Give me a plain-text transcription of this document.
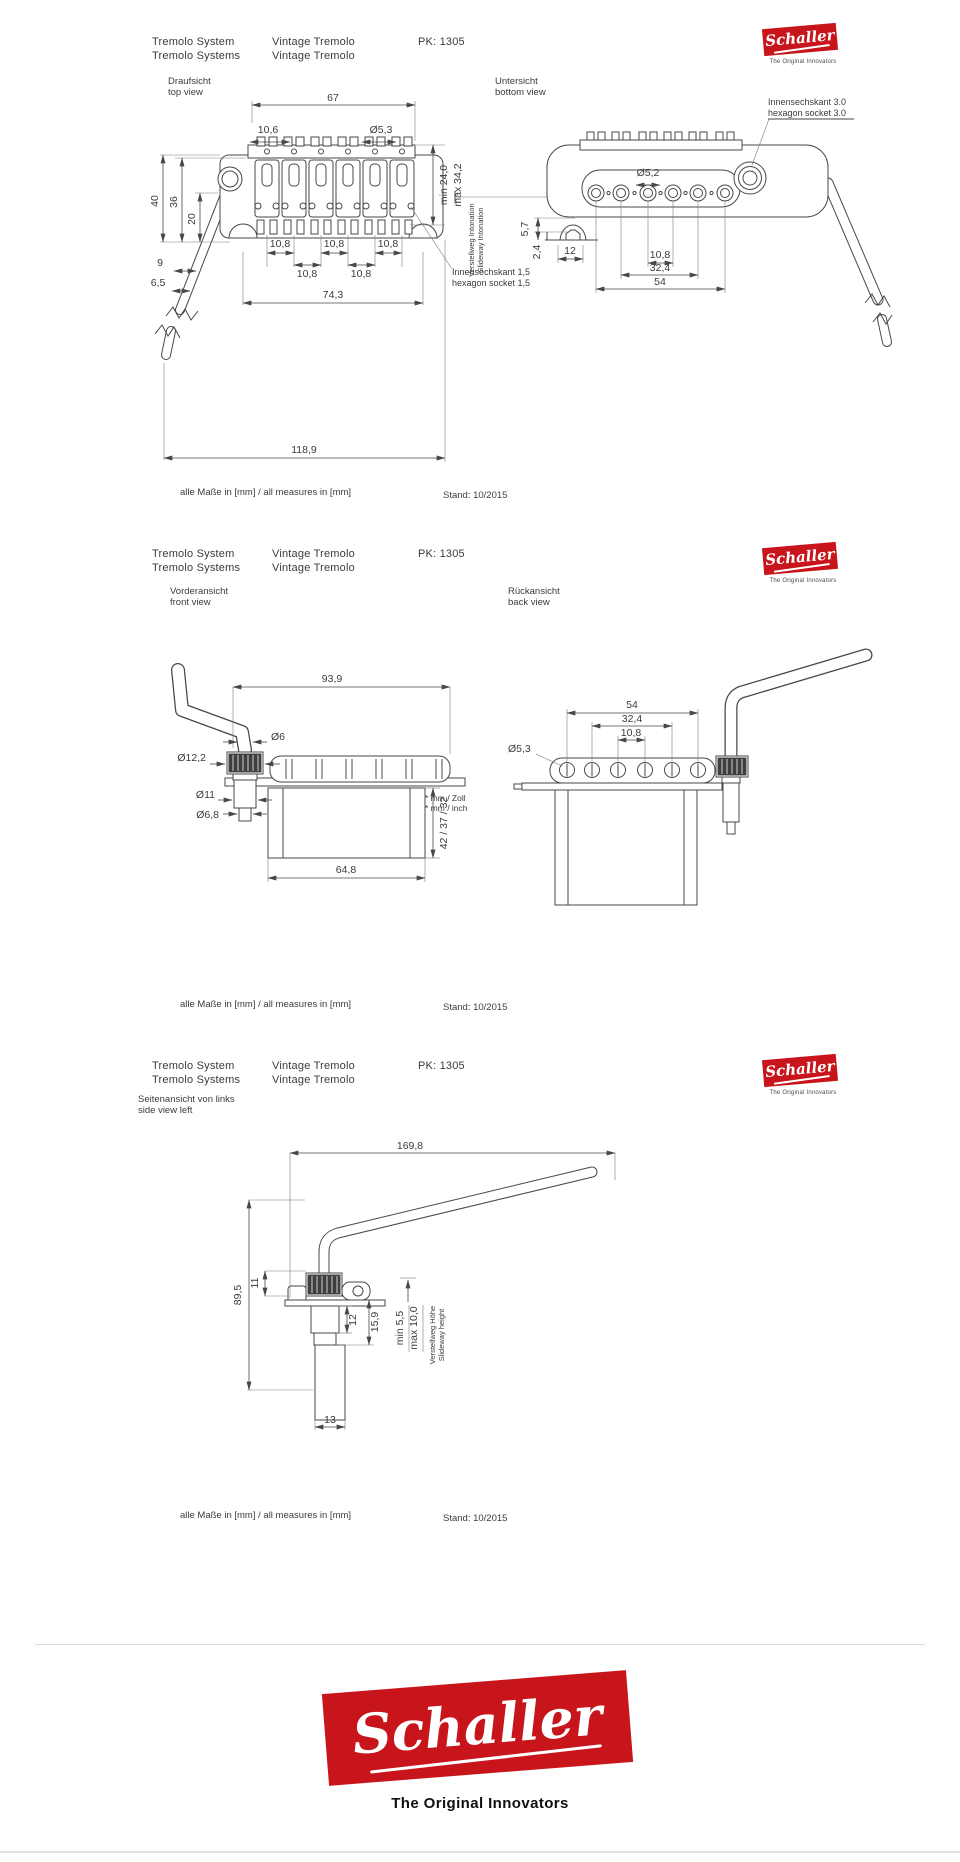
Tremolo System
Tremolo Systems
Vintage Tremolo
Vintage Tremolo
PK: 1305	Schaller
The Original Innovators
Draufsicht
top view
Untersicht
bottom view
67
10,6	Ø5,3
40 36
20
min 24,0 max 34,2
Verstellweg Intonation Slideway Intonation
10,8	10,8	10,8
10,8	10,8
9
6,5
74,3
118,9
Innensechskant 1,5
hexagon socket 1,5
Ø5,2
Innensechskant 3.0
hexagon socket 3.0
5,7
2,4 12	10,8
32,4
54
alle Maße in [mm] / all measures in [mm]	Stand: 10/2015
Tremolo System
Tremolo Systems
Vintage Tremolo
Vintage Tremolo
PK: 1305	Schaller
The Original Innovators
Vorderansicht
front view
Rückansicht
back view
93,9
Ø6
Ø12,2
Ø11
Ø6,8	42 / 37 / 32
64,8
54
32,4
10,8
Ø5,3
* mm / Zoll
* mm / inch
alle Maße in [mm] / all measures in [mm]	Stand: 10/2015
Tremolo System
Tremolo Systems
Vintage Tremolo
Vintage Tremolo
PK: 1305	Schaller
The Original Innovators
Seitenansicht von links
side view left
169,8
89,5
11
12 15,9 min 5,5 max 10,0 Verstellweg Höhe Slideway height
13
alle Maße in [mm] / all measures in [mm]	Stand: 10/2015
Schaller
The Original Innovators
